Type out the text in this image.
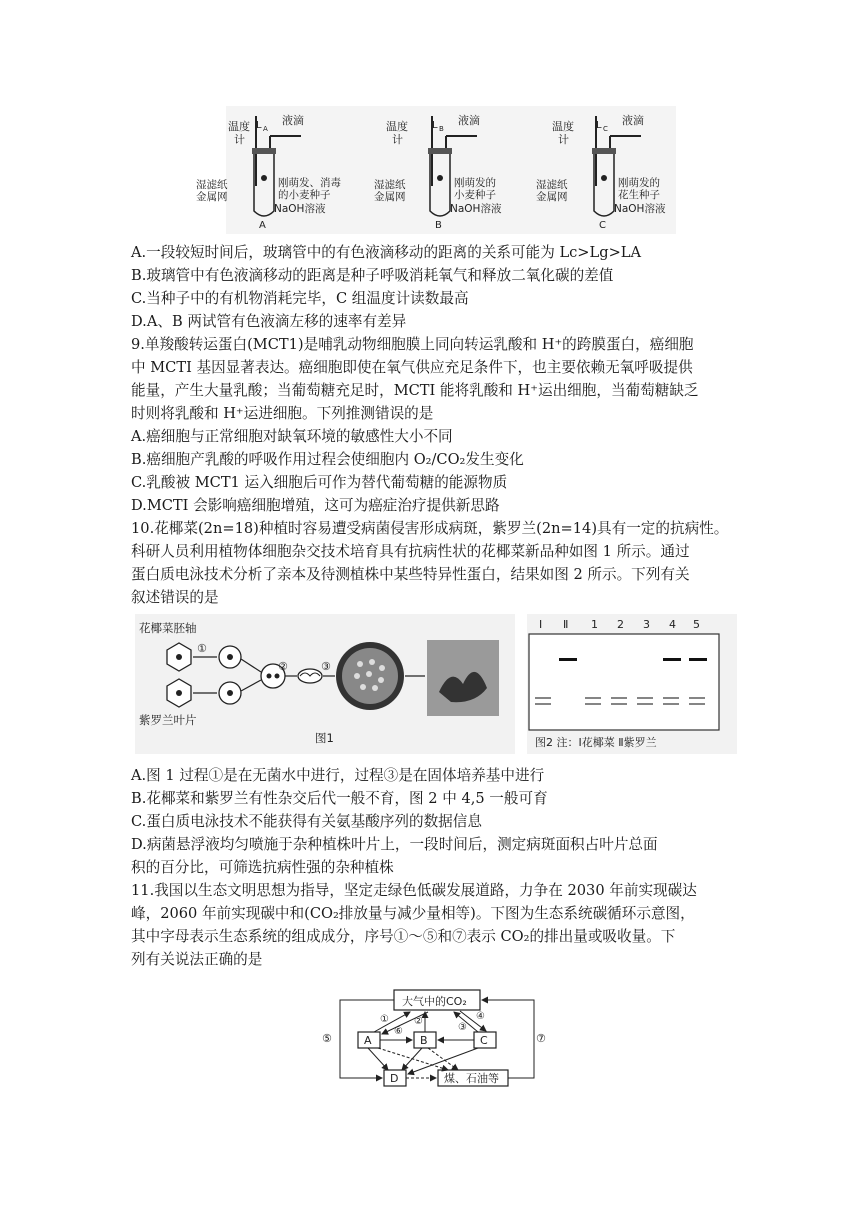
温度
计
L A
液滴
湿滤纸
金属网
刚萌发、消毒
的小麦种子
NaOH溶液
A
温度
计
L B
液滴
湿滤纸
金属网
刚萌发的
小麦种子
NaOH溶液
B
温度
计
L C
液滴
湿滤纸
金属网
刚萌发的
花生种子
NaOH溶液
C
A.一段较短时间后，玻璃管中的有色液滴移动的距离的关系可能为 Lc>Lg>LA
B.玻璃管中有色液滴移动的距离是种子呼吸消耗氧气和释放二氧化碳的差值
C.当种子中的有机物消耗完毕，C 组温度计读数最高
D.A、B 两试管有色液滴左移的速率有差异
9.单羧酸转运蛋白(MCT1)是哺乳动物细胞膜上同向转运乳酸和 H⁺的跨膜蛋白，癌细胞
中 MCTI 基因显著表达。癌细胞即使在氧气供应充足条件下，也主要依赖无氧呼吸提供
能量，产生大量乳酸；当葡萄糖充足时，MCTI 能将乳酸和 H⁺运出细胞，当葡萄糖缺乏
时则将乳酸和 H⁺运进细胞。下列推测错误的是
A.癌细胞与正常细胞对缺氧环境的敏感性大小不同
B.癌细胞产乳酸的呼吸作用过程会使细胞内 O₂/CO₂发生变化
C.乳酸被 MCT1 运入细胞后可作为替代葡萄糖的能源物质
D.MCTI 会影响癌细胞增殖，这可为癌症治疗提供新思路
10.花椰菜(2n=18)种植时容易遭受病菌侵害形成病斑，紫罗兰(2n=14)具有一定的抗病性。
科研人员利用植物体细胞杂交技术培育具有抗病性状的花椰菜新品种如图 1 所示。通过
蛋白质电泳技术分析了亲本及待测植株中某些特异性蛋白，结果如图 2 所示。下列有关
叙述错误的是
花椰菜胚轴
紫罗兰叶片
①
②	③
图1
Ⅰ Ⅱ 1 2 3 4 5
图2 注：Ⅰ花椰菜 Ⅱ紫罗兰
A.图 1 过程①是在无菌水中进行，过程③是在固体培养基中进行
B.花椰菜和紫罗兰有性杂交后代一般不育，图 2 中 4,5 一般可育
C.蛋白质电泳技术不能获得有关氨基酸序列的数据信息
D.病菌悬浮液均匀喷施于杂种植株叶片上，一段时间后，测定病斑面积占叶片总面
积的百分比，可筛选抗病性强的杂种植株
11.我国以生态文明思想为指导，坚定走绿色低碳发展道路，力争在 2030 年前实现碳达
峰，2060 年前实现碳中和(CO₂排放量与减少量相等)。下图为生态系统碳循环示意图，
其中字母表示生态系统的组成成分，序号①～⑤和⑦表示 CO₂的排出量或吸收量。下
列有关说法正确的是
大气中的CO₂
A	B	C
D	煤、石油等
⑤	⑦
①	②
⑥	③
④
